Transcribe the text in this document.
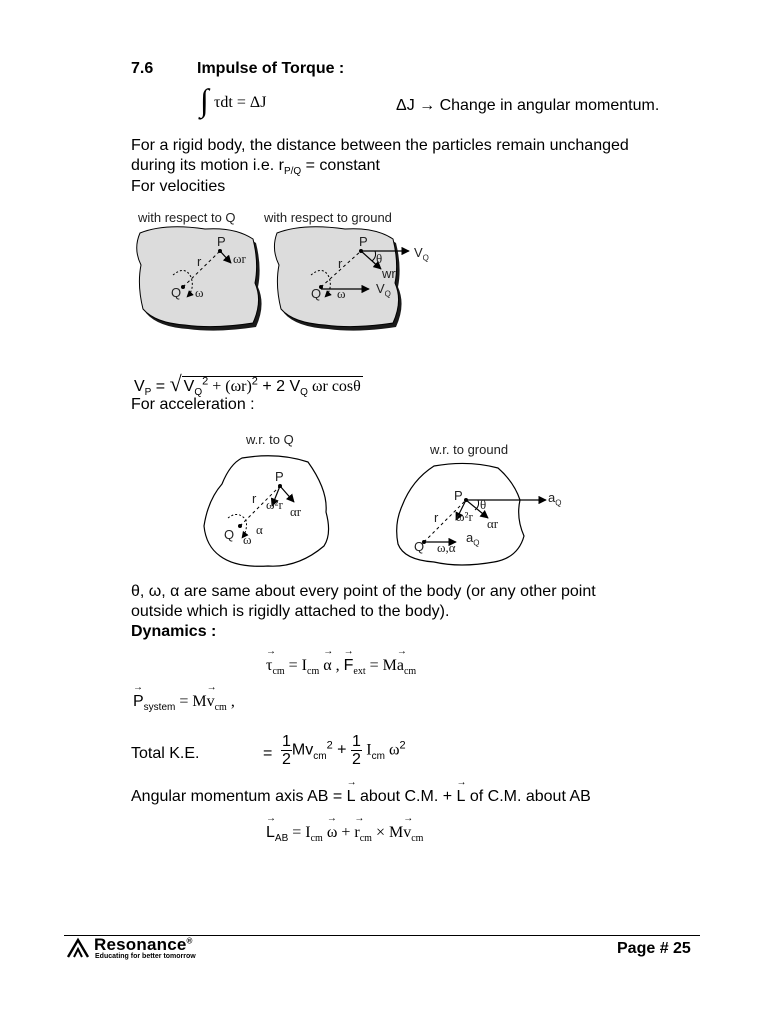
7.6	Impulse of Torque :
∫ τdt = ΔJ	ΔJ → Change in angular momentum.
For a rigid body, the distance between the particles remain unchanged
during its motion i.e. $r_{P/Q}$ = constant
For velocities
with respect to Q with respect to ground
P
r ωr
Q ω
P
θ
r
wr
$V_Q$
Q ω $V_Q$
$V_P$ = √ $V_Q^2 + (\omega r)^2 + 2$ $V_Q$ ωr cosθ
For acceleration :
w.r. to Q
w.r. to ground
P
r ω²r αr
Q α
ω
P
θ	$a_Q$
r ω²r αr
$a_Q$
Q ω,α
θ, ω, α are same about every point of the body (or any other point
outside which is rigidly attached to the body).
Dynamics :
→ $\tau_{cm} = I_{cm} \to \alpha$ , → $F_{ext} = M\to a_{cm}$
→ $P_{system} = M\to v_{cm}$ ,
Total K.E.	= $\frac{1}{2} Mv_{cm}^2 + \frac{1}{2} I_{cm}$ $\omega^2$
Angular momentum axis AB = → L about C.M. + → L of C.M. about AB
→ $L_{AB} = I_{cm} \to \omega$ + → $r_{cm} \times M\to v_{cm}$
Resonance®
Educating for better tomorrow	Page # 25
